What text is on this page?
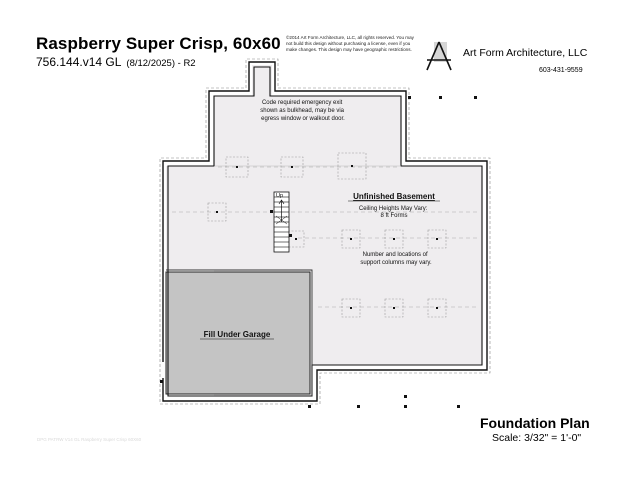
Raspberry Super Crisp, 60x60
756.144.v14 GL (8/12/2025) - R2
©2014 Art Form Architecture, LLC, all rights reserved. You may
not build this design without purchasing a license, even if you
make changes. This design may have geographic restrictions.	Art Form Architecture, LLC
603-431-9559
Up
Code required emergency exit shown as bulkhead, may be via egress window or walkout door.
Unfinished Basement
Ceiling Heights May Vary: 8 ft Forms
Number and locations of support columns may vary.
Fill Under Garage
Foundation Plan
Scale: 3/32" = 1'-0"
DPG PATRW V14 GL Raspberry Super Crisp 60X60
